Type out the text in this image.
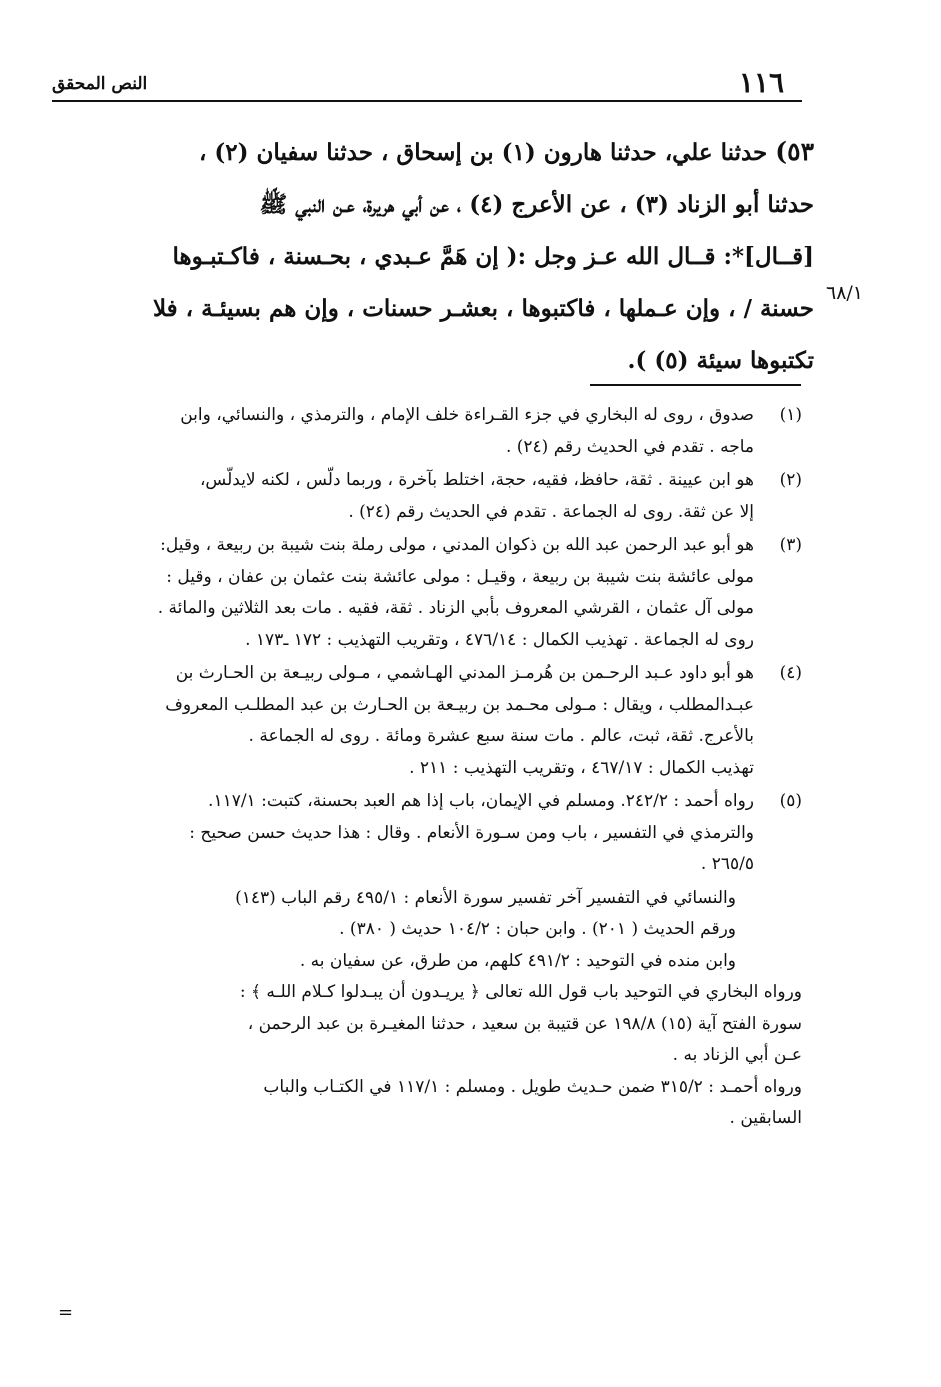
١١٦
النص المحقق

٥٣) حدثنا علي، حدثنا هارون (١) بن إسحاق ، حدثنا سفيان (٢) ،

حدثنا أبو الزناد (٣) ، عن الأعرج (٤) ، عن أبي هريرة، عـن النبي ﷺ

[قــال]*: قــال الله عـز وجل :( إن هَمَّ عـبدي ، بحـسنة ، فاكـتبـوها

حسنة / ، وإن عـملها ، فاكتبوها ، بعشـر حسنات ، وإن هم بسيئـة ، فلا

تكتبوها سيئة (٥) ).

٦٨/١
(١)
صدوق ، روى له البخاري في جزء القـراءة خلف الإمام ، والترمذي ، والنسائي، وابن
ماجه . تقدم في الحديث رقم (٢٤) .
(٢)
هو ابن عيينة . ثقة، حافظ، فقيه، حجة، اختلط بآخرة ، وربما دلّس ، لكنه لايدلّس،
إلا عن ثقة. روى له الجماعة . تقدم في الحديث رقم (٢٤) .
(٣)
هو أبو عبد الرحمن عبد الله بن ذكوان المدني ، مولى رملة بنت شيبة بن ربيعة ، وقيل:
مولى عائشة بنت شيبة بن ربيعة ، وقيـل : مولى عائشة بنت عثمان بن عفان ، وقيل :
مولى آل عثمان ، القرشي المعروف بأبي الزناد . ثقة، فقيه . مات بعد الثلاثين والمائة .
روى له الجماعة . تهذيب الكمال : ٤٧٦/١٤ ، وتقريب التهذيب : ١٧٢ ـ١٧٣ .
(٤)
هو أبو داود عـبد الرحـمن بن هُرمـز المدني الهـاشمي ، مـولى ربيـعة بن الحـارث بن
عبـدالمطلب ، ويقال : مـولى محـمد بن ربيـعة بن الحـارث بن عبد المطلـب المعروف
بالأعرج. ثقة، ثبت، عالم . مات سنة سبع عشرة ومائة . روى له الجماعة .
تهذيب الكمال : ٤٦٧/١٧ ، وتقريب التهذيب : ٢١١ .
(٥)
رواه أحمد : ٢٤٢/٢. ومسلم في الإيمان، باب إذا هم العبد بحسنة، كتبت: ١١٧/١.
والترمذي في التفسير ، باب ومن سـورة الأنعام . وقال : هذا حديث حسن صحيح :
٢٦٥/٥ .
والنسائي في التفسير آخر تفسير سورة الأنعام : ٤٩٥/١ رقم الباب (١٤٣)
ورقم الحديث ( ٢٠١) . وابن حبان : ١٠٤/٢ حديث ( ٣٨٠) .
وابن منده في التوحيد : ٤٩١/٢ كلهم، من طرق، عن سفيان به .
ورواه البخاري في التوحيد باب قول الله تعالى ﴿ يريـدون أن يبـدلوا كـلام اللـه ﴾ :
سورة الفتح آية (١٥) ١٩٨/٨ عن قتيبة بن سعيد ، حدثنا المغيـرة بن عبد الرحمن ،
عـن أبي الزناد به .
ورواه أحمـد : ٣١٥/٢ ضمن حـديث طويل . ومسلم : ١١٧/١ في الكتـاب والباب
السابقين .
=
